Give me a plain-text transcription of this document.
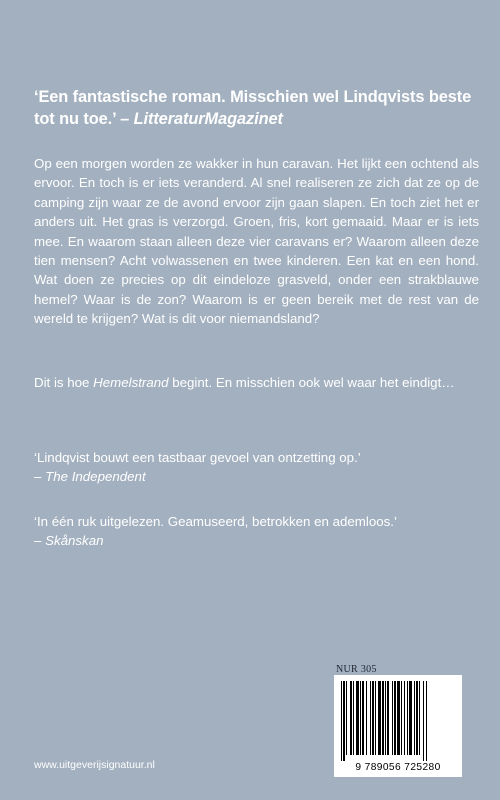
‘Een fantastische roman. Misschien wel Lindqvists beste tot nu toe.’ – LitteraturMagazinet

Op een morgen worden ze wakker in hun caravan. Het lijkt een ochtend als ervoor. En toch is er iets veranderd. Al snel realiseren ze zich dat ze op de camping zijn waar ze de avond ervoor zijn gaan slapen. En toch ziet het er anders uit. Het gras is verzorgd. Groen, fris, kort gemaaid. Maar er is iets mee. En waarom staan alleen deze vier caravans er? Waarom alleen deze tien mensen? Acht volwassenen en twee kinderen. Een kat en een hond. Wat doen ze precies op dit eindeloze grasveld, onder een strakblauwe hemel? Waar is de zon? Waarom is er geen bereik met de rest van de wereld te krijgen? Wat is dit voor niemandsland?

Dit is hoe Hemelstrand begint. En misschien ook wel waar het eindigt…

‘Lindqvist bouwt een tastbaar gevoel van ontzetting op.’
– The Independent

‘In één ruk uitgelezen. Geamuseerd, betrokken en ademloos.’
– Skånskan

NUR 305
9 789056 725280
www.uitgeverijsignatuur.nl
